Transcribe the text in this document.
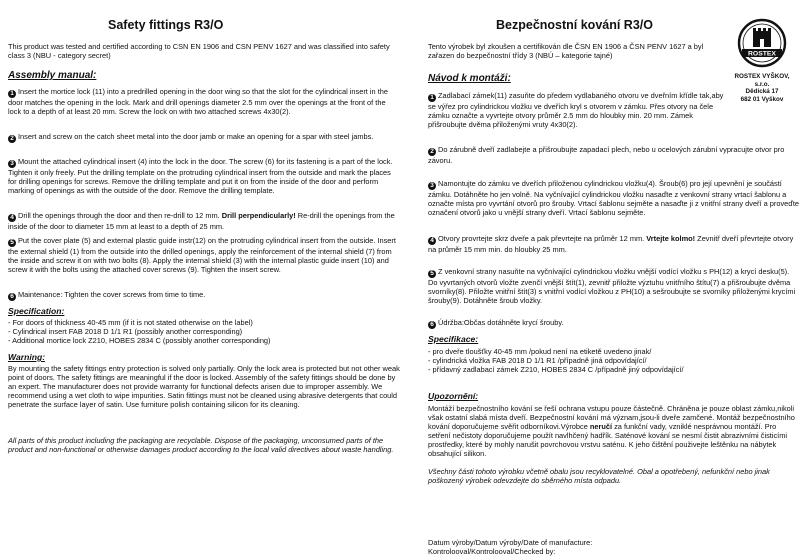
Safety fittings R3/O

This product was tested and certified according to CSN EN 1906 and CSN PENV 1627 and was classified into safety class 3 (NBU - category secret)

Assembly manual:

1 Insert the mortice lock (11) into a predrilled opening in the door wing so that the slot for the cylindrical insert in the door matches the opening in the lock. Mark and drill openings diameter 2.5 mm over the openings at the front of the lock to a depth of at least 20 mm. Screw the lock on with two attached screws 4x30(2).

2 Insert and screw on the catch sheet metal into the door jamb or make an opening for a spar with steel jambs.

3 Mount the attached cylindrical insert (4) into the lock in the door. The screw (6) for its fastening is a part of the lock. Tighten it only freely. Put the drilling template on the protruding cylindrical insert from the outside and mark the places for drilling openings for screws. Remove the drilling template and put it on from the inside of the door and perform marking of openings as with the outside of the door. Remove the drilling template.

4 Drill the openings through the door and then re-drill to 12 mm. Drill perpendicularly! Re-drill the openings from the inside of the door to diameter 15 mm at least to a depth of 25 mm.

5 Put the cover plate (5) and external plastic guide instr(12) on the protruding cylindrical insert from the outside. Insert the external shield (1) from the outside into the drilled openings, apply the reinforcement of the internal shield (7) from the inside and screw it on with two bolts (8). Apply the internal shield (3) with the internal plastic guide insert (10) and screw it with the bolts using the attached cover screws (9). Tighten the insert screw.

6 Maintenance: Tighten the cover screws from time to time.

Specification:

- For doors of thickness 40-45 mm (if it is not stated otherwise on the label)

- Cylindrical insert FAB 2018 D 1/1 R1 (possibly another corresponding)

- Additional mortice lock Z210, HOBES 2834 C (possibly another corresponding)

Warning:

By mounting the safety fittings entry protection is solved only partially. Only the lock area is protected but not other weak point of doors. The safety fittings are meaningful if the door is locked. Assembly of the safety fittings should be done by an expert. The manufacturer does not provide warranty for functional defects arisen due to improper assembly. We recommend using a wet cloth to wipe impurities. Satin fittings must not be cleaned using abrasive detergents that could penetrate the surface layer of satin. Use furniture polish containing silicon for its cleaning.

All parts of this product including the packaging are recyclable. Dispose of the packaging, unconsumed parts of the product and non-functional or otherwise damages product according to the local valid directives about waste handling.

Bezpečnostní kování R3/O

Tento výrobek byl zkoušen a certifikován dle ČSN EN 1906 a ČSN PENV 1627 a byl zařazen do bezpečnostní třídy 3 (NBÚ – kategorie tajné)

Návod k montáži:

1 Zadlabací zámek(11) zasuňte do předem vydlabaného otvoru ve dveřním křídle tak,aby se výřez pro cylindrickou vložku ve dveřích kryl s otvorem v zámku. Přes otvory na čele zámku označte a vyvrtejte otvory průměr 2.5 mm do hloubky min. 20 mm. Zámek přišroubujte dvěma přiloženými vruty 4x30(2).

2 Do zárubně dveří zadlabejte a přišroubujte zapadací plech, nebo u ocelových zárubní vypracujte otvor pro závoru.

3 Namontujte do zámku ve dveřích přiloženou cylindrickou vložku(4). Šroub(6) pro její upevnění je součástí zámku. Dotáhněte ho jen volně. Na vyčnívající cylindrickou vložku nasaďte z venkovní strany vrtací šablonu a označte místa pro vyvrtání otvorů pro šrouby. Vrtací šablonu sejměte a nasaďte ji z vnitřní strany dveří a proveďte označení otvorů jako u vnější strany dveří. Vrtací šablonu sejměte.

4 Otvory provrtejte skrz dveře a pak převrtejte na průměr 12 mm. Vrtejte kolmo! Zevnitř dveří převrtejte otvory na průměr 15 mm min. do hloubky 25 mm.

5 Z venkovní strany nasuňte na vyčnívající cylindrickou vložku vnější vodící vložku s PH(12) a krycí desku(5). Do vyvrtaných otvorů vložte zvenčí vnější štít(1), zevnitř přiložte výztuhu vnitřního štítu(7) a přišroubujte dvěma svorníky(8). Přiložte vnitřní štít(3) s vnitřní vodící vložkou z PH(10) a sešroubujte se svorníky přiloženými krycími šrouby(9). Dotáhněte šroub vložky.

6 Údržba:Občas dotáhněte krycí šrouby.

Specifikace:

- pro dveře tloušťky 40-45 mm /pokud není na etiketě uvedeno jinak/

- cylindrická vložka FAB 2018 D 1/1 R1 /případně jiná odpovídající/

- přídavný zadlabací zámek Z210, HOBES 2834 C /případně jiný odpovídající/

Upozornění:

Montáží bezpečnostního kování se řeší ochrana vstupu pouze částečně. Chráněna je pouze oblast zámku,nikoli však ostatní slabá místa dveří. Bezpečnostní kování má význam,jsou-li dveře zamčené. Montáž bezpečnostního kování doporučujeme svěřit odborníkovi.Výrobce neručí za funkční vady, vzniklé nesprávnou montáží. Pro setření nečistoty doporučujeme použít navlhčený hadřík. Saténové kování se nesmí čistit abrazivními čisticími prostředky, které by mohly narušit povrchovou vrstvu saténu. K jeho čištění použivejte leštěnku na nábytek obsahující silikon.

Všechny části tohoto výrobku včetně obalu jsou recyklovatelné. Obal a opotřebený, nefunkční nebo jinak poškozený výrobek odevzdejte do sběrného místa odpadu.

Datum výroby/Datum výroby/Date of manufacture:

Kontrolooval/Kontrolooval/Checked by:

ROSTEX

ROSTEX VYŠKOV, s.r.o.

Dědická 17

682 01 Vyškov
